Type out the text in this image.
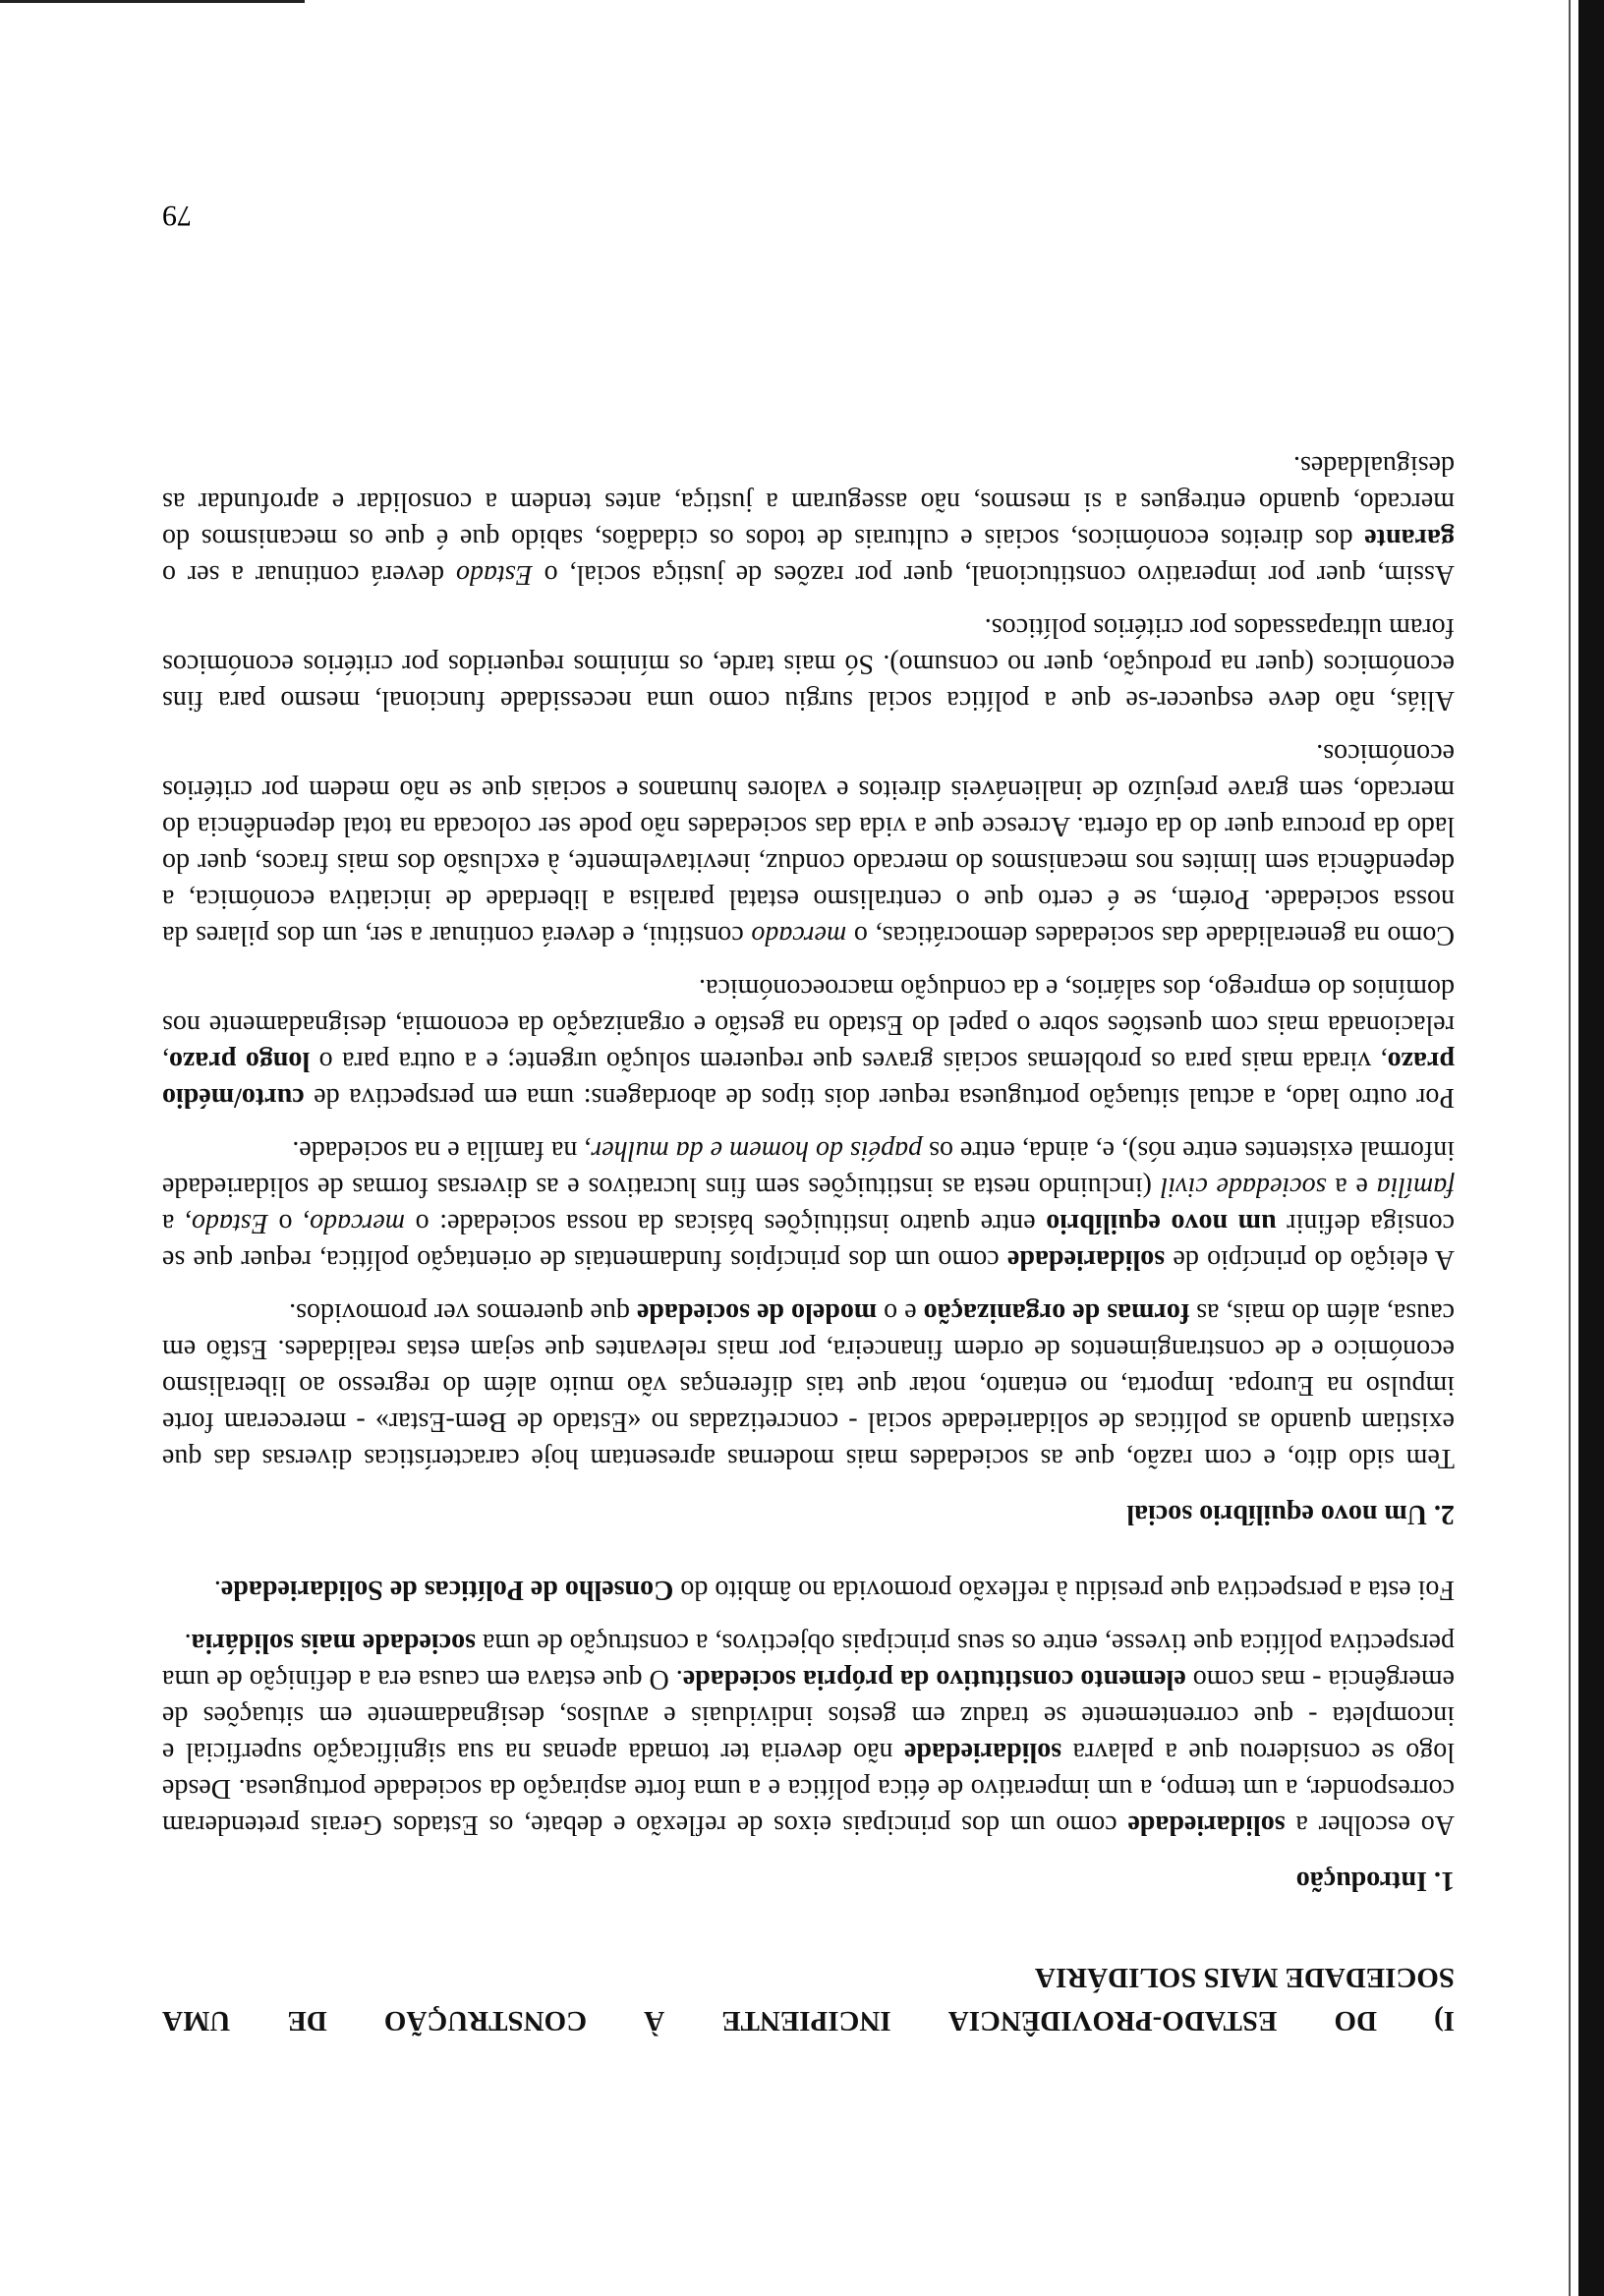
I)
DO
ESTADO-PROVIDÊNCIA
INCIPIENTE
À
CONSTRUÇÃO
DE
UMA
SOCIEDADE MAIS SOLIDÁRIA
1. Introdução

Ao escolher a solidariedade como um dos principais eixos de reflexão e debate, os Estados Gerais pretenderam corresponder, a um tempo, a um imperativo de ética política e a uma forte aspiração da sociedade portuguesa. Desde logo se considerou que a palavra solidariedade não deveria ter tomada apenas na sua significação superficial e incompleta - que correntemente se traduz em gestos individuais e avulsos, designadamente em situações de emergência - mas como elemento constitutivo da própria sociedade. O que estava em causa era a definição de uma perspectiva política que tivesse, entre os seus principais objectivos, a construção de uma sociedade mais solidária.

Foi esta a perspectiva que presidiu à reflexão promovida no âmbito do Conselho de Políticas de Solidariedade.

2. Um novo equilíbrio social

Tem sido dito, e com razão, que as sociedades mais modernas apresentam hoje características diversas das que existiam quando as políticas de solidariedade social - concretizadas no «Estado de Bem-Estar» - mereceram forte impulso na Europa. Importa, no entanto, notar que tais diferenças vão muito além do regresso ao liberalismo económico e de constrangimentos de ordem financeira, por mais relevantes que sejam estas realidades. Estão em causa, além do mais, as formas de organização e o modelo de sociedade que queremos ver promovidos.

A eleição do princípio de solidariedade como um dos princípios fundamentais de orientação política, requer que se consiga definir um novo equilíbrio entre quatro instituições básicas da nossa sociedade: o mercado, o Estado, a família e a sociedade civil (incluindo nesta as instituições sem fins lucrativos e as diversas formas de solidariedade informal existentes entre nós), e, ainda, entre os papéis do homem e da mulher, na família e na sociedade.

Por outro lado, a actual situação portuguesa requer dois tipos de abordagens: uma em perspectiva de curto/médio prazo, virada mais para os problemas sociais graves que requerem solução urgente; e a outra para o longo prazo, relacionada mais com questões sobre o papel do Estado na gestão e organização da economia, designadamente nos domínios do emprego, dos salários, e da condução macroeconómica.

Como na generalidade das sociedades democráticas, o mercado constitui, e deverá continuar a ser, um dos pilares da nossa sociedade. Porém, se é certo que o centralismo estatal paralisa a liberdade de iniciativa económica, a dependência sem limites nos mecanismos do mercado conduz, inevitavelmente, à exclusão dos mais fracos, quer do lado da procura quer do da oferta. Acresce que a vida das sociedades não pode ser colocada na total dependência do mercado, sem grave prejuízo de inalienáveis direitos e valores humanos e sociais que se não medem por critérios económicos.

Aliás, não deve esquecer-se que a política social surgiu como uma necessidade funcional, mesmo para fins económicos (quer na produção, quer no consumo). Só mais tarde, os mínimos requeridos por critérios económicos foram ultrapassados por critérios políticos.

Assim, quer por imperativo constitucional, quer por razões de justiça social, o Estado deverá continuar a ser o garante dos direitos económicos, sociais e culturais de todos os cidadãos, sabido que é que os mecanismos do mercado, quando entregues a si mesmos, não asseguram a justiça, antes tendem a consolidar e aprofundar as desigualdades.

79
